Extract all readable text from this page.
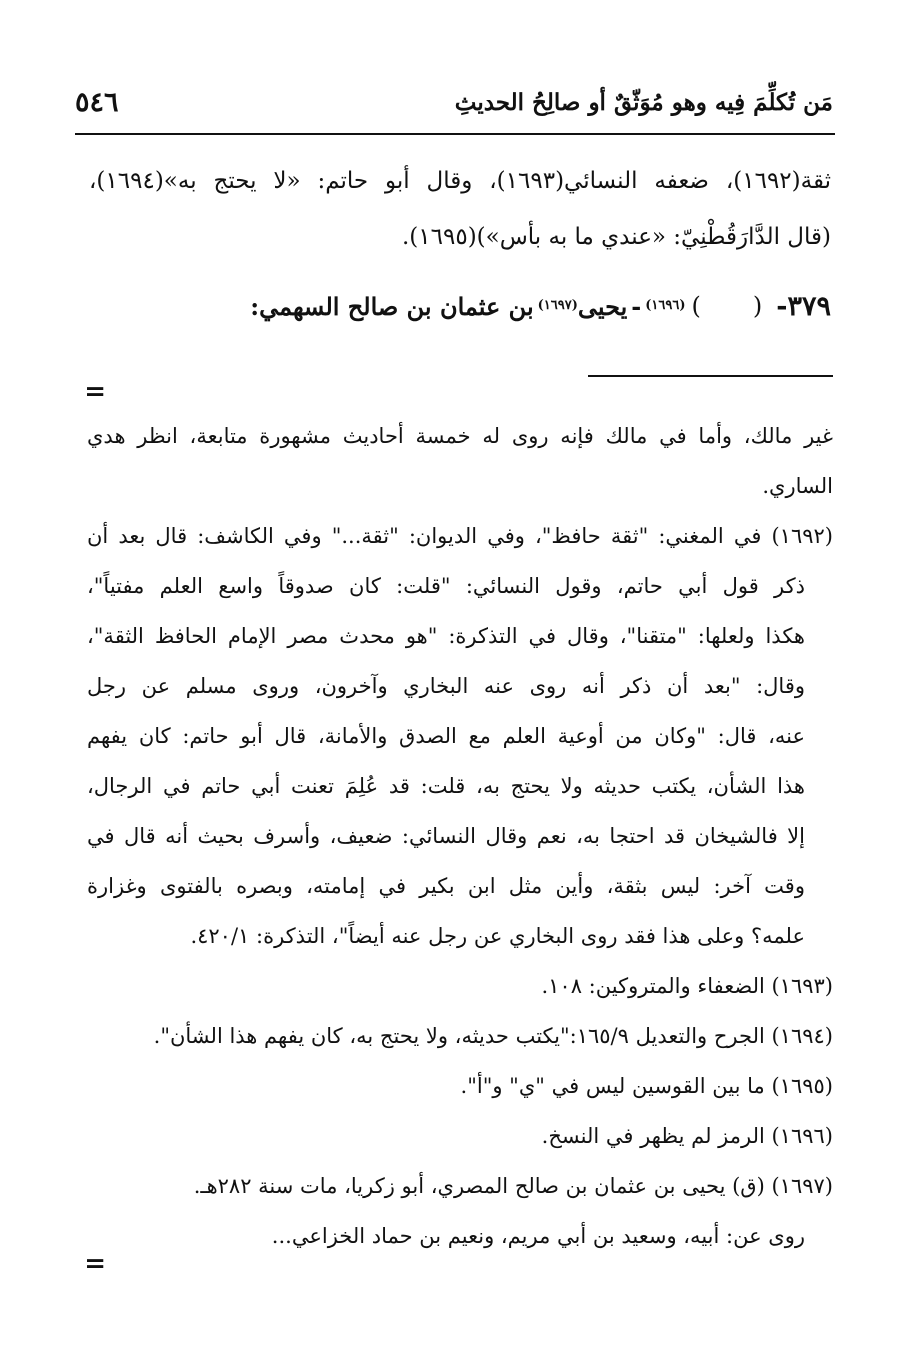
مَن تُكلِّمَ فِيه وهو مُوَثّقٌ أو صالِحُ الحديثِ
٥٤٦
ثقة(١٦٩٢)، ضعفه النسائي(١٦٩٣)، وقال أبو حاتم: «لا يحتج به»(١٦٩٤)،
(قال الدَّارَقُطْنِيّ: «عندي ما به بأس»)(١٦٩٥).
٣٧٩-
(
)
(١٦٩٦)
-
يحيى
(١٦٩٧)
بن عثمان بن صالح السهمي:
=
غير مالك، وأما في مالك فإنه روى له خمسة أحاديث مشهورة متابعة، انظر هدي
الساري.
(١٦٩٢) في المغني: "ثقة حافظ"، وفي الديوان: "ثقة..." وفي الكاشف: قال بعد أن
ذكر قول أبي حاتم، وقول النسائي: "قلت: كان صدوقاً واسع العلم مفتياً"،
هكذا ولعلها: "متقنا"، وقال في التذكرة: "هو محدث مصر الإمام الحافظ الثقة"،
وقال: "بعد أن ذكر أنه روى عنه البخاري وآخرون، وروى مسلم عن رجل
عنه، قال: "وكان من أوعية العلم مع الصدق والأمانة، قال أبو حاتم: كان يفهم
هذا الشأن، يكتب حديثه ولا يحتج به، قلت: قد عُلِمَ تعنت أبي حاتم في الرجال،
إلا فالشيخان قد احتجا به، نعم وقال النسائي: ضعيف، وأسرف بحيث أنه قال في
وقت آخر: ليس بثقة، وأين مثل ابن بكير في إمامته، وبصره بالفتوى وغزارة
علمه؟ وعلى هذا فقد روى البخاري عن رجل عنه أيضاً"، التذكرة: ٤٢٠/١.
(١٦٩٣) الضعفاء والمتروكين: ١٠٨.
(١٦٩٤) الجرح والتعديل ١٦٥/٩:"يكتب حديثه، ولا يحتج به، كان يفهم هذا الشأن".
(١٦٩٥) ما بين القوسين ليس في "ي" و"أ".
(١٦٩٦) الرمز لم يظهر في النسخ.
(١٦٩٧) (ق) يحيى بن عثمان بن صالح المصري، أبو زكريا، مات سنة ٢٨٢هـ.
روى عن: أبيه، وسعيد بن أبي مريم، ونعيم بن حماد الخزاعي...
=
